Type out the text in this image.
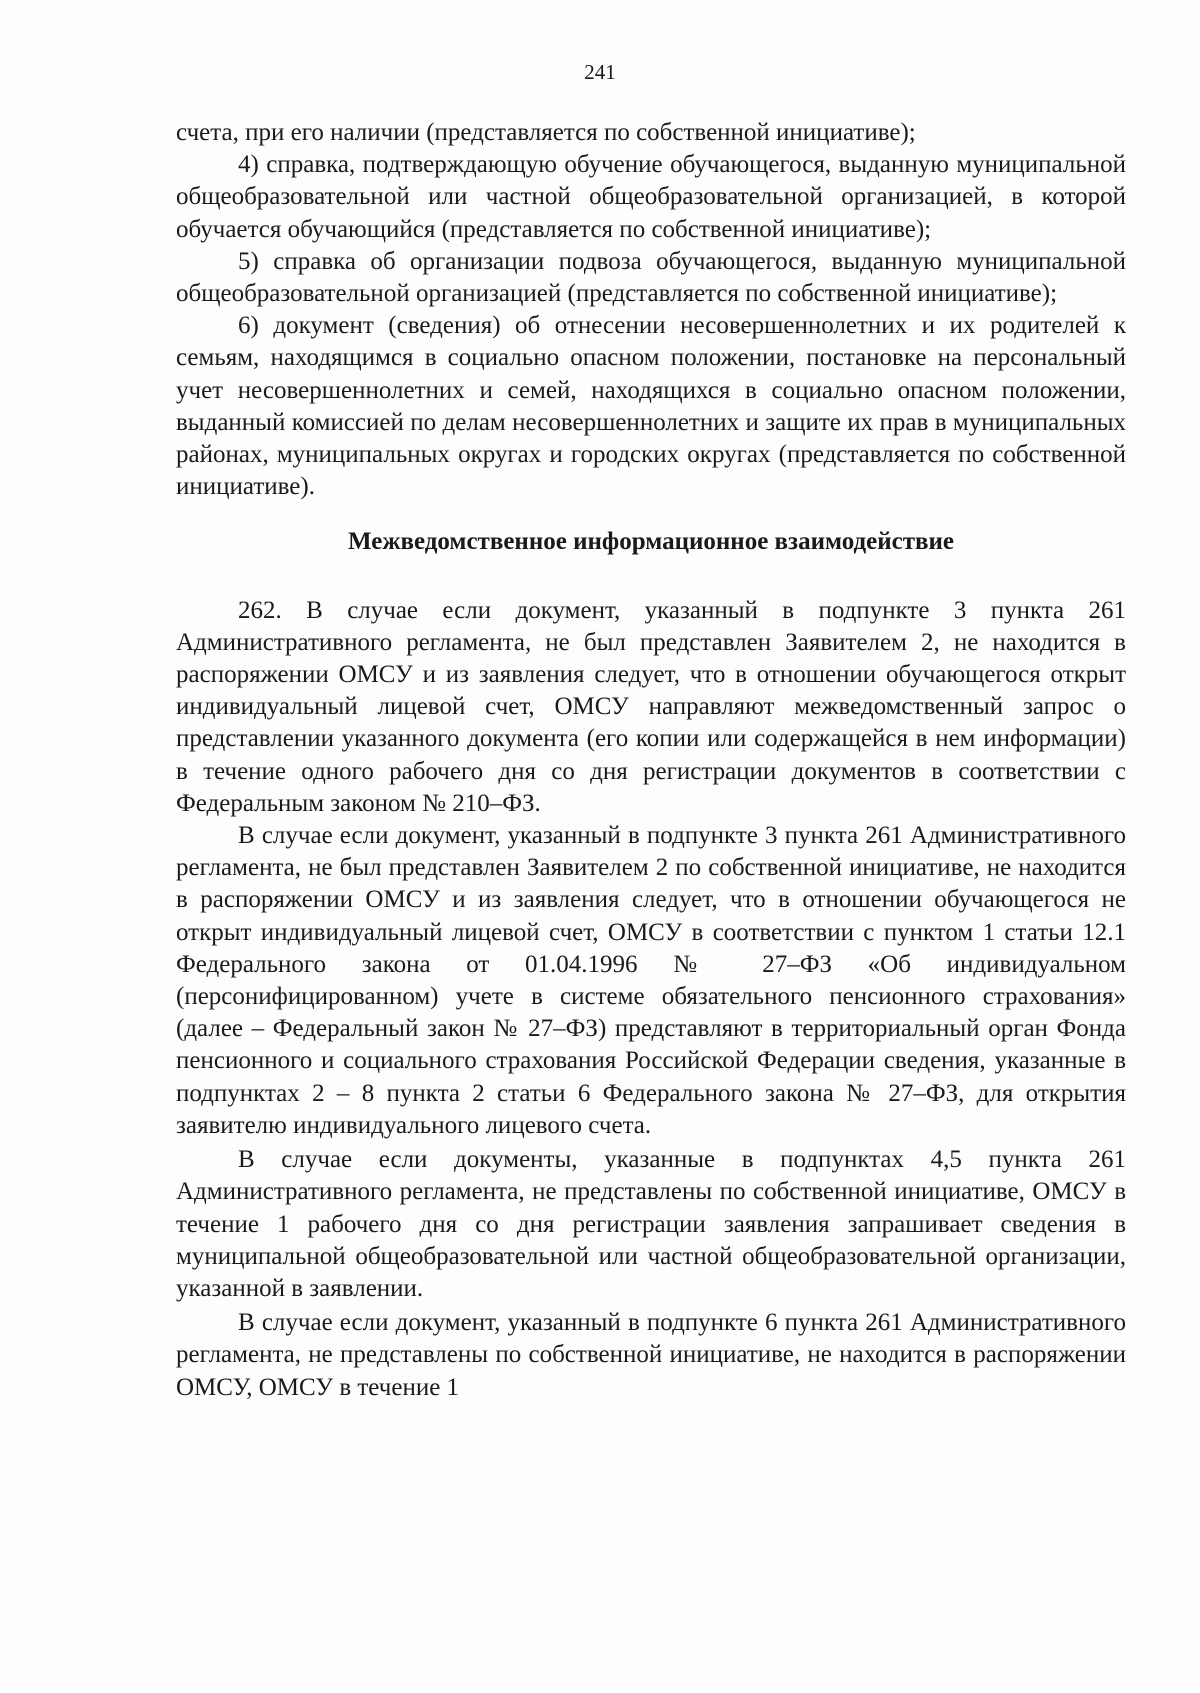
241

счета, при его наличии (представляется по собственной инициативе);

4) справка, подтверждающую обучение обучающегося, выданную муниципальной общеобразовательной или частной общеобразовательной организацией, в которой обучается обучающийся (представляется по собственной инициативе);

5) справка об организации подвоза обучающегося, выданную муниципальной общеобразовательной организацией (представляется по собственной инициативе);

6) документ (сведения) об отнесении несовершеннолетних и их родителей к семьям, находящимся в социально опасном положении, постановке на персональный учет несовершеннолетних и семей, находящихся в социально опасном положении, выданный комиссией по делам несовершеннолетних и защите их прав в муниципальных районах, муниципальных округах и городских округах (представляется по собственной инициативе).

Межведомственное информационное взаимодействие

262. В случае если документ, указанный в подпункте 3 пункта 261 Административного регламента, не был представлен Заявителем 2, не находится в распоряжении ОМСУ и из заявления следует, что в отношении обучающегося открыт индивидуальный лицевой счет, ОМСУ направляют межведомственный запрос о представлении указанного документа (его копии или содержащейся в нем информации) в течение одного рабочего дня со дня регистрации документов в соответствии с Федеральным законом № 210–ФЗ.

В случае если документ, указанный в подпункте 3 пункта 261 Административного регламента, не был представлен Заявителем 2 по собственной инициативе, не находится в распоряжении ОМСУ и из заявления следует, что в отношении обучающегося не открыт индивидуальный лицевой счет, ОМСУ в соответствии с пунктом 1 статьи 12.1 Федерального закона от 01.04.1996 № 27–ФЗ «Об индивидуальном (персонифицированном) учете в системе обязательного пенсионного страхования» (далее – Федеральный закон № 27–ФЗ) представляют в территориальный орган Фонда пенсионного и социального страхования Российской Федерации сведения, указанные в подпунктах 2 – 8 пункта 2 статьи 6 Федерального закона № 27–ФЗ, для открытия заявителю индивидуального лицевого счета.

В случае если документы, указанные в подпунктах 4,5 пункта 261 Административного регламента, не представлены по собственной инициативе, ОМСУ в течение 1 рабочего дня со дня регистрации заявления запрашивает сведения в муниципальной общеобразовательной или частной общеобразовательной организации, указанной в заявлении.

В случае если документ, указанный в подпункте 6 пункта 261 Административного регламента, не представлены по собственной инициативе, не находится в распоряжении ОМСУ, ОМСУ в течение 1
